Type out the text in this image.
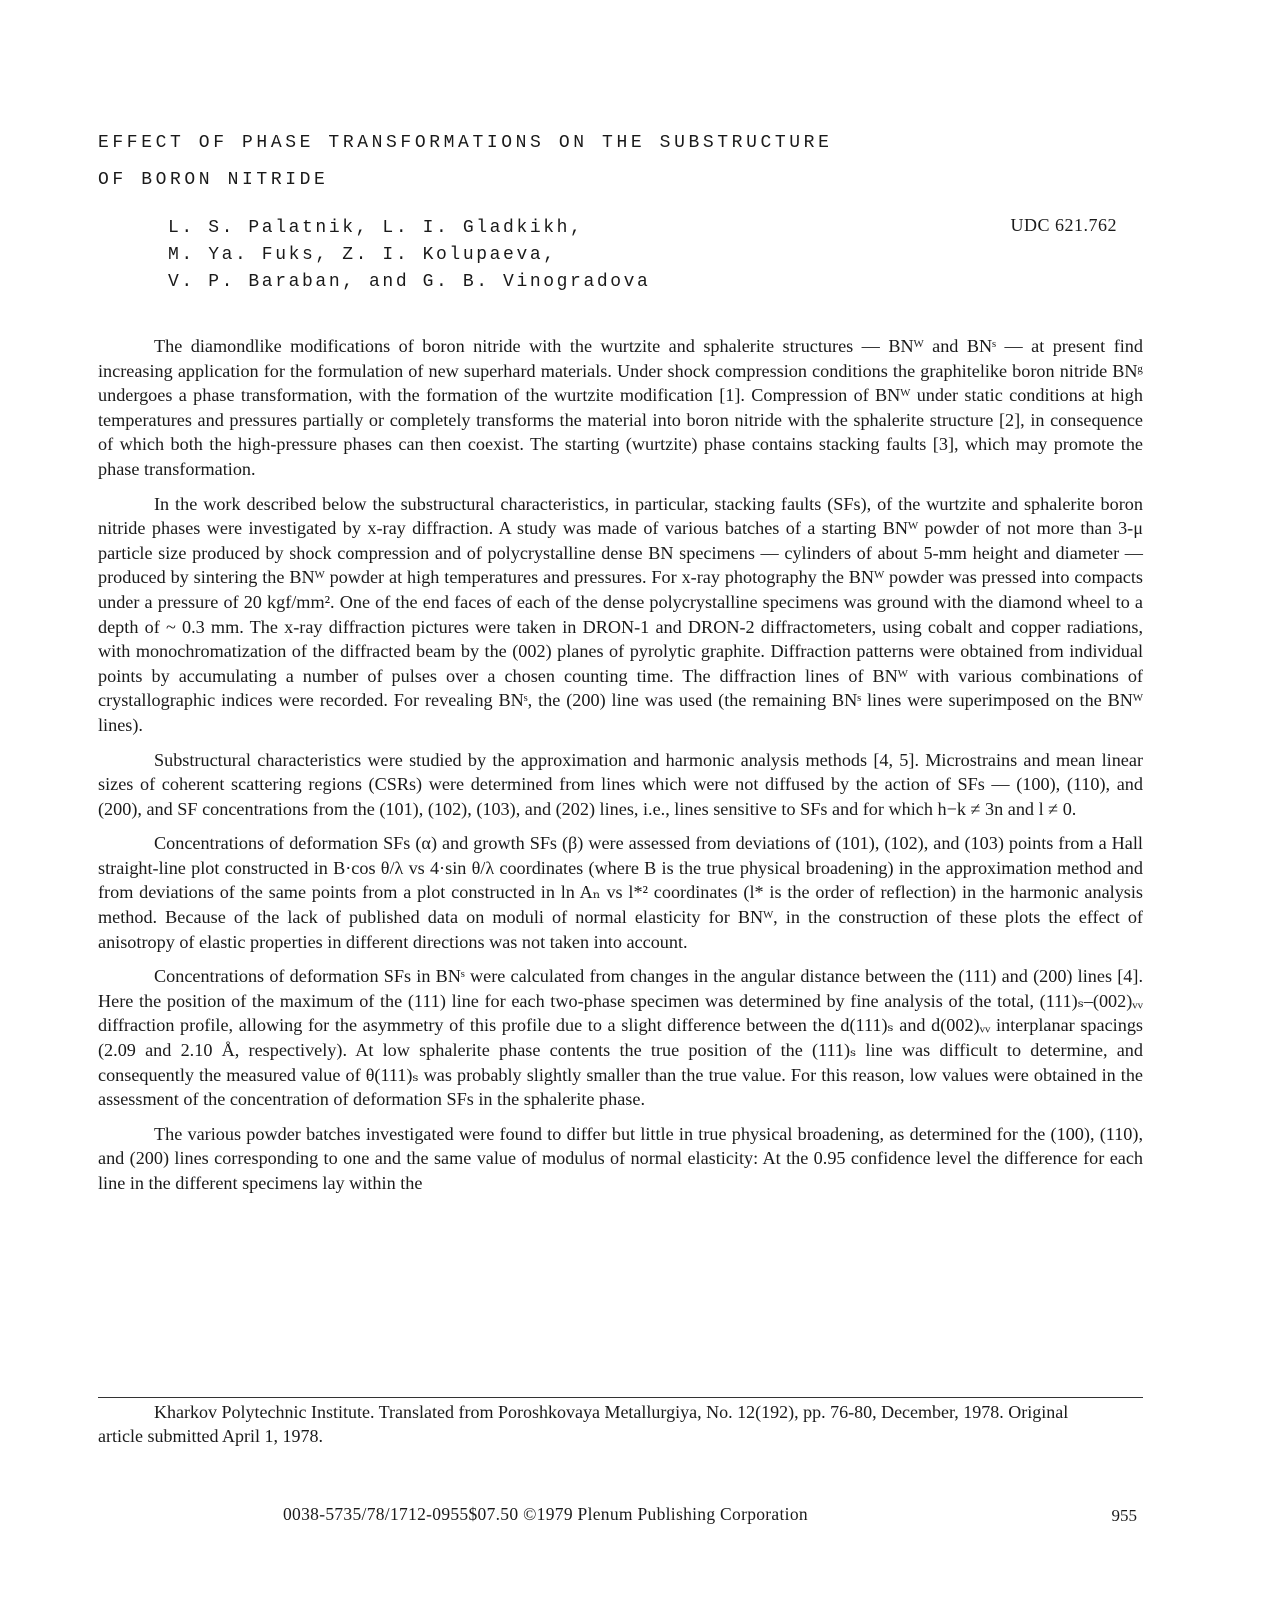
EFFECT OF PHASE TRANSFORMATIONS ON THE SUBSTRUCTURE
OF BORON NITRIDE
L. S. Palatnik, L. I. Gladkikh,
M. Ya. Fuks, Z. I. Kolupaeva,
V. P. Baraban, and G. B. Vinogradova
UDC 621.762

The diamondlike modifications of boron nitride with the wurtzite and sphalerite structures — BNᵂ and BNˢ — at present find increasing application for the formulation of new superhard materials. Under shock compression conditions the graphitelike boron nitride BNᵍ undergoes a phase transformation, with the formation of the wurtzite modification [1]. Compression of BNᵂ under static conditions at high temperatures and pressures partially or completely transforms the material into boron nitride with the sphalerite structure [2], in consequence of which both the high-pressure phases can then coexist. The starting (wurtzite) phase contains stacking faults [3], which may promote the phase transformation.

In the work described below the substructural characteristics, in particular, stacking faults (SFs), of the wurtzite and sphalerite boron nitride phases were investigated by x-ray diffraction. A study was made of various batches of a starting BNᵂ powder of not more than 3-μ particle size produced by shock compression and of polycrystalline dense BN specimens — cylinders of about 5-mm height and diameter — produced by sintering the BNᵂ powder at high temperatures and pressures. For x-ray photography the BNᵂ powder was pressed into compacts under a pressure of 20 kgf/mm². One of the end faces of each of the dense polycrystalline specimens was ground with the diamond wheel to a depth of ~ 0.3 mm. The x-ray diffraction pictures were taken in DRON-1 and DRON-2 diffractometers, using cobalt and copper radiations, with monochromatization of the diffracted beam by the (002) planes of pyrolytic graphite. Diffraction patterns were obtained from individual points by accumulating a number of pulses over a chosen counting time. The diffraction lines of BNᵂ with various combinations of crystallographic indices were recorded. For revealing BNˢ, the (200) line was used (the remaining BNˢ lines were superimposed on the BNᵂ lines).

Substructural characteristics were studied by the approximation and harmonic analysis methods [4, 5]. Microstrains and mean linear sizes of coherent scattering regions (CSRs) were determined from lines which were not diffused by the action of SFs — (100), (110), and (200), and SF concentrations from the (101), (102), (103), and (202) lines, i.e., lines sensitive to SFs and for which h−k ≠ 3n and l ≠ 0.

Concentrations of deformation SFs (α) and growth SFs (β) were assessed from deviations of (101), (102), and (103) points from a Hall straight-line plot constructed in B·cos θ/λ vs 4·sin θ/λ coordinates (where B is the true physical broadening) in the approximation method and from deviations of the same points from a plot constructed in ln Aₙ vs l*² coordinates (l* is the order of reflection) in the harmonic analysis method. Because of the lack of published data on moduli of normal elasticity for BNᵂ, in the construction of these plots the effect of anisotropy of elastic properties in different directions was not taken into account.

Concentrations of deformation SFs in BNˢ were calculated from changes in the angular distance between the (111) and (200) lines [4]. Here the position of the maximum of the (111) line for each two-phase specimen was determined by fine analysis of the total, (111)ₛ–(002)ᵥᵥ diffraction profile, allowing for the asymmetry of this profile due to a slight difference between the d(111)ₛ and d(002)ᵥᵥ interplanar spacings (2.09 and 2.10 Å, respectively). At low sphalerite phase contents the true position of the (111)ₛ line was difficult to determine, and consequently the measured value of θ(111)ₛ was probably slightly smaller than the true value. For this reason, low values were obtained in the assessment of the concentration of deformation SFs in the sphalerite phase.

The various powder batches investigated were found to differ but little in true physical broadening, as determined for the (100), (110), and (200) lines corresponding to one and the same value of modulus of normal elasticity: At the 0.95 confidence level the difference for each line in the different specimens lay within the

Kharkov Polytechnic Institute. Translated from Poroshkovaya Metallurgiya, No. 12(192), pp. 76-80, December, 1978. Original article submitted April 1, 1978.
0038-5735/78/1712-0955$07.50 ©1979 Plenum Publishing Corporation	955
